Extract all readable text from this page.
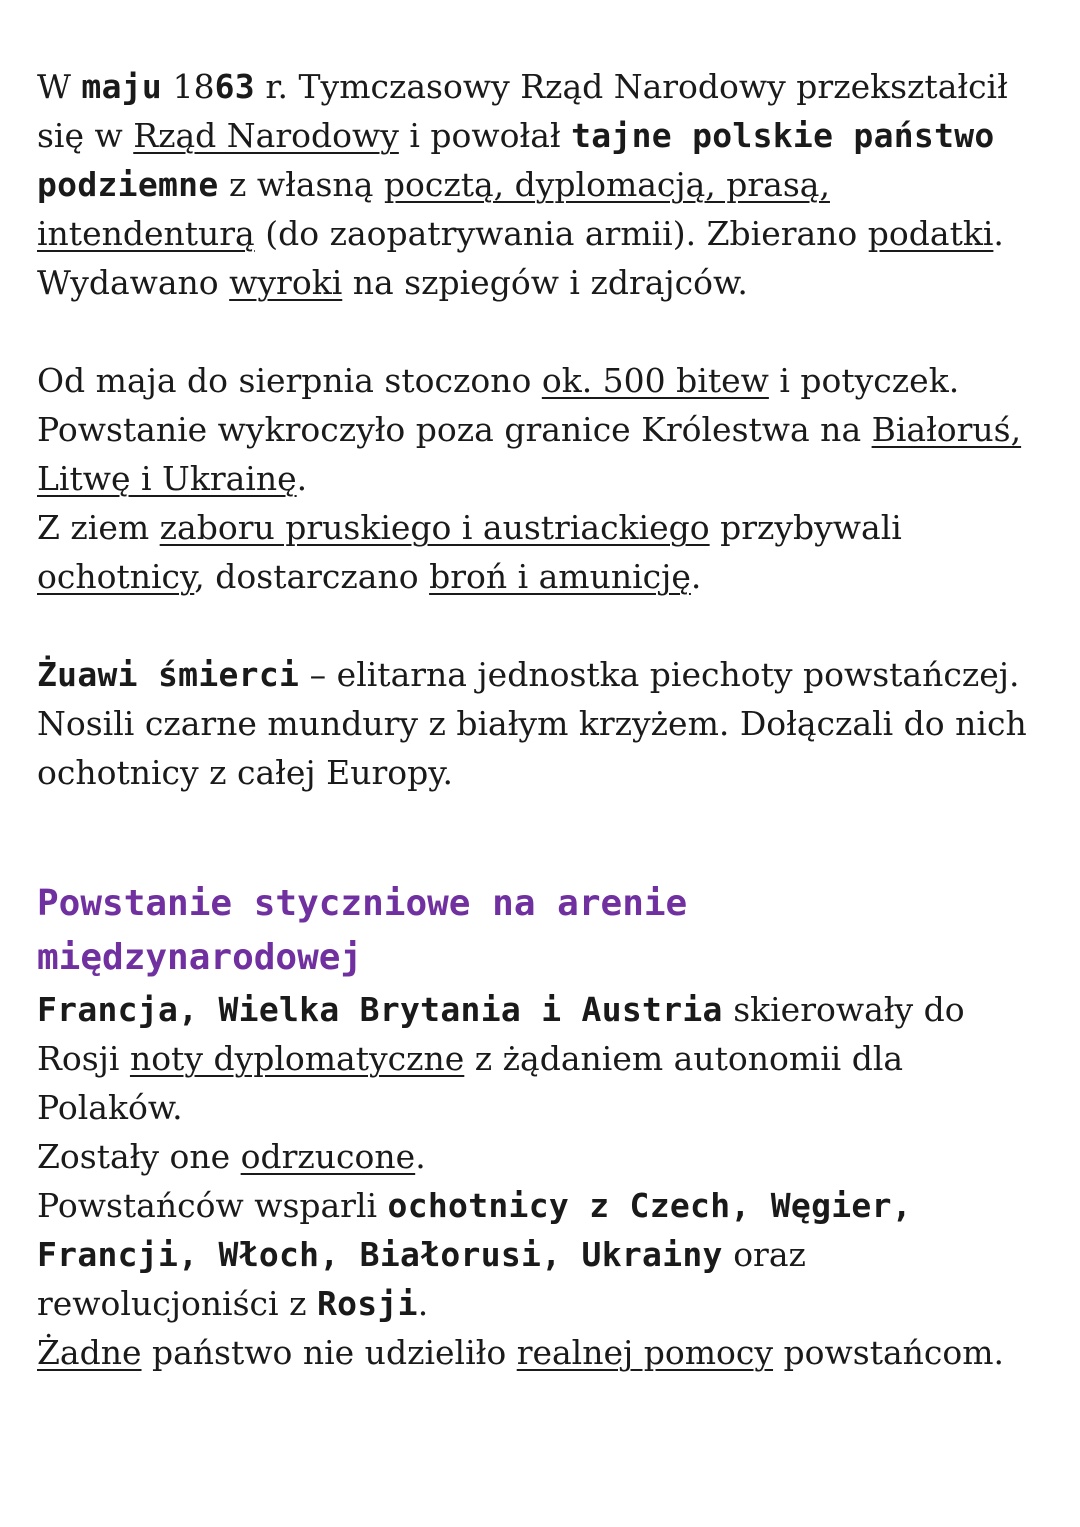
W maju 1863 r. Tymczasowy Rząd Narodowy przekształcił się w Rząd Narodowy i powołał tajne polskie państwo podziemne z własną pocztą, dyplomacją, prasą, intendenturą (do zaopatrywania armii). Zbierano podatki. Wydawano wyroki na szpiegów i zdrajców.

Od maja do sierpnia stoczono ok. 500 bitew i potyczek. Powstanie wykroczyło poza granice Królestwa na Białoruś, Litwę i Ukrainę.

Z ziem zaboru pruskiego i austriackiego przybywali ochotnicy, dostarczano broń i amunicję.

Żuawi śmierci – elitarna jednostka piechoty powstańczej. Nosili czarne mundury z białym krzyżem. Dołączali do nich ochotnicy z całej Europy.

Powstanie styczniowe na arenie
międzynarodowej

Francja, Wielka Brytania i Austria skierowały do Rosji noty dyplomatyczne z żądaniem autonomii dla Polaków.

Zostały one odrzucone.

Powstańców wsparli ochotnicy z Czech, Węgier, Francji, Włoch, Białorusi, Ukrainy oraz rewolucjoniści z Rosji.

Żadne państwo nie udzieliło realnej pomocy powstańcom.
